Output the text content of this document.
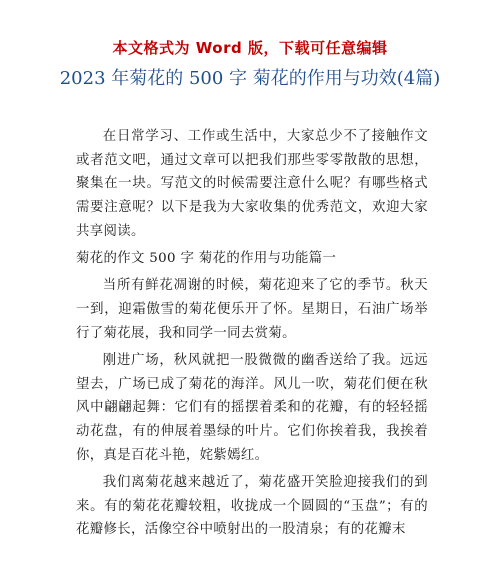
本文格式为 Word 版，下载可任意编辑
2023 年菊花的 500 字 菊花的作用与功效(4篇)

在日常学习、工作或生活中，大家总少不了接触作文或者范文吧，通过文章可以把我们那些零零散散的思想，聚集在一块。写范文的时候需要注意什么呢？有哪些格式需要注意呢？以下是我为大家收集的优秀范文，欢迎大家共享阅读。

菊花的作文 500 字 菊花的作用与功能篇一

当所有鲜花凋谢的时候，菊花迎来了它的季节。秋天一到，迎霜傲雪的菊花便乐开了怀。星期日，石油广场举行了菊花展，我和同学一同去赏菊。

刚进广场，秋风就把一股微微的幽香送给了我。远远望去，广场已成了菊花的海洋。风儿一吹，菊花们便在秋风中翩翩起舞：它们有的摇摆着柔和的花瓣，有的轻轻摇动花盘，有的伸展着墨绿的叶片。它们你挨着我，我挨着你，真是百花斗艳，姹紫嫣红。

我们离菊花越来越近了，菊花盛开笑脸迎接我们的到来。有的菊花花瓣较粗，收拢成一个圆圆的“玉盘”；有的花瓣修长，活像空谷中喷射出的一股清泉；有的花瓣末
